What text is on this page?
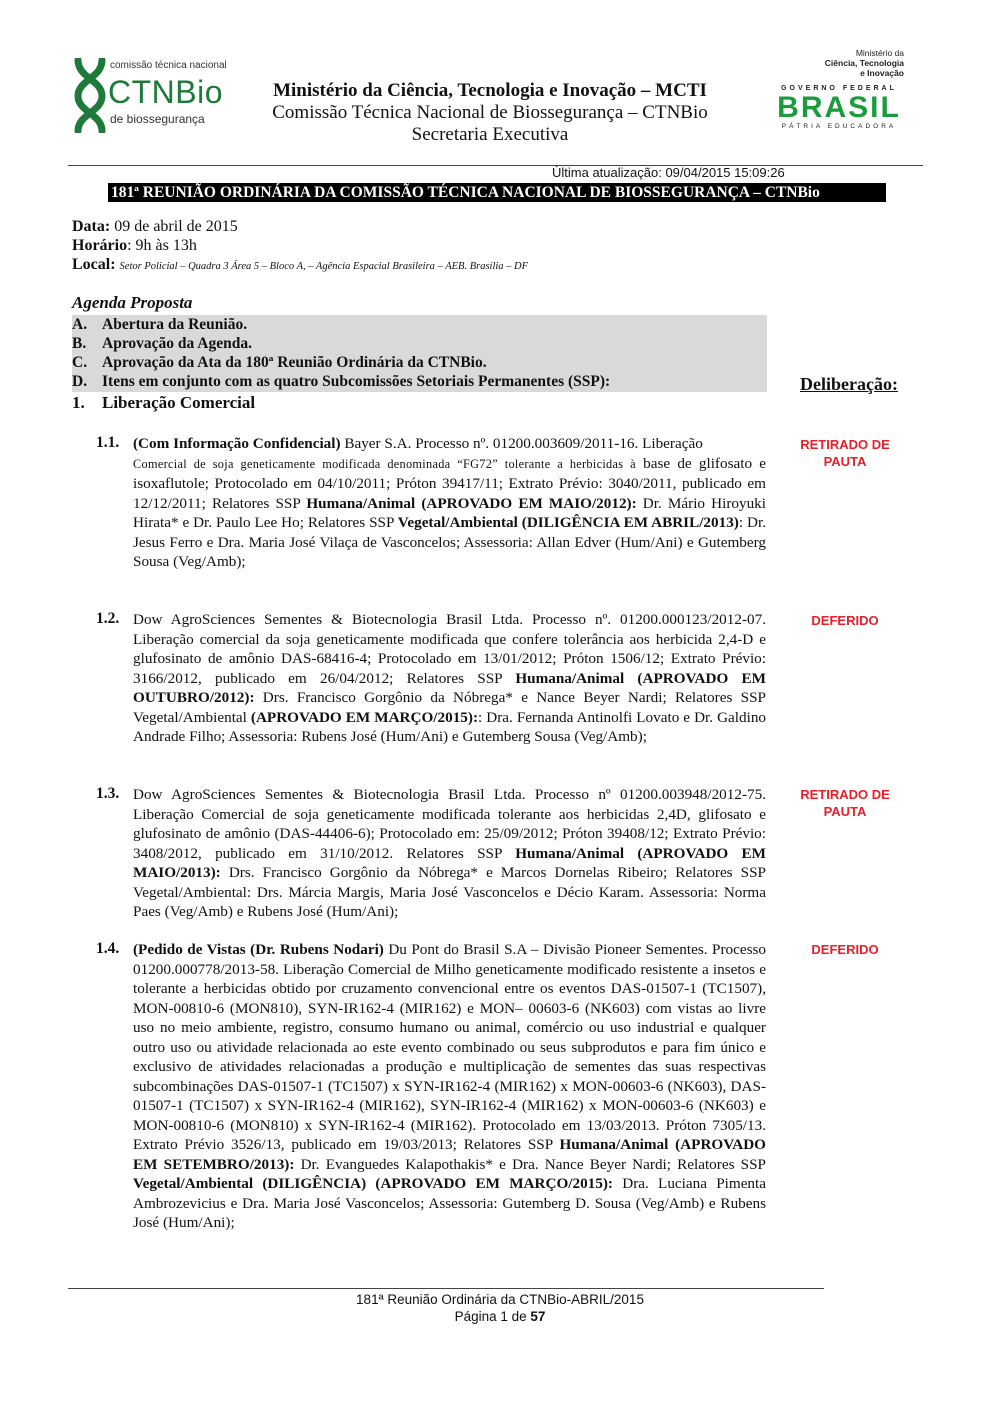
comissão técnica nacional
CTNBio
de biossegurança
Ministério da Ciência, Tecnologia e Inovação – MCTI
Comissão Técnica Nacional de Biossegurança – CTNBio
Secretaria Executiva
Ministério da
Ciência, Tecnologia
e Inovação
GOVERNO FEDERAL
BRASIL
PÁTRIA EDUCADORA
Última atualização: 09/04/2015 15:09:26
181ª REUNIÃO ORDINÁRIA DA COMISSÃO TÉCNICA NACIONAL DE BIOSSEGURANÇA – CTNBio
Data: 09 de abril de 2015
Horário: 9h às 13h
Local: Setor Policial – Quadra 3 Área 5 – Bloco A, – Agência Espacial Brasileira – AEB. Brasília – DF
Agenda Proposta
A. Abertura da Reunião.
B. Aprovação da Agenda.
C. Aprovação da Ata da 180ª Reunião Ordinária da CTNBio.
D. Itens em conjunto com as quatro Subcomissões Setoriais Permanentes (SSP):	Deliberação:
1. Liberação Comercial
1.1. (Com Informação Confidencial) Bayer S.A. Processo nº. 01200.003609/2011-16. Liberação
Comercial de soja geneticamente modificada denominada “FG72” tolerante a herbicidas à base de glifosato e isoxaflutole; Protocolado em 04/10/2011; Próton 39417/11; Extrato Prévio: 3040/2011, publicado em 12/12/2011; Relatores SSP Humana/Animal (APROVADO EM MAIO/2012): Dr. Mário Hiroyuki Hirata* e Dr. Paulo Lee Ho; Relatores SSP Vegetal/Ambiental (DILIGÊNCIA EM ABRIL/2013): Dr. Jesus Ferro e Dra. Maria José Vilaça de Vasconcelos; Assessoria: Allan Edver (Hum/Ani) e Gutemberg Sousa (Veg/Amb);
RETIRADO DE PAUTA
1.2. Dow AgroSciences Sementes & Biotecnologia Brasil Ltda. Processo nº. 01200.000123/2012-07. Liberação comercial da soja geneticamente modificada que confere tolerância aos herbicida 2,4-D e glufosinato de amônio DAS-68416-4; Protocolado em 13/01/2012; Próton 1506/12; Extrato Prévio: 3166/2012, publicado em 26/04/2012; Relatores SSP Humana/Animal (APROVADO EM OUTUBRO/2012): Drs. Francisco Gorgônio da Nóbrega* e Nance Beyer Nardi; Relatores SSP Vegetal/Ambiental (APROVADO EM MARÇO/2015):: Dra. Fernanda Antinolfi Lovato e Dr. Galdino Andrade Filho; Assessoria: Rubens José (Hum/Ani) e Gutemberg Sousa (Veg/Amb);
DEFERIDO
1.3. Dow AgroSciences Sementes & Biotecnologia Brasil Ltda. Processo nº 01200.003948/2012-75. Liberação Comercial de soja geneticamente modificada tolerante aos herbicidas 2,4D, glifosato e glufosinato de amônio (DAS-44406-6); Protocolado em: 25/09/2012; Próton 39408/12; Extrato Prévio: 3408/2012, publicado em 31/10/2012. Relatores SSP Humana/Animal (APROVADO EM MAIO/2013): Drs. Francisco Gorgônio da Nóbrega* e Marcos Dornelas Ribeiro; Relatores SSP Vegetal/Ambiental: Drs. Márcia Margis, Maria José Vasconcelos e Décio Karam. Assessoria: Norma Paes (Veg/Amb) e Rubens José (Hum/Ani);
RETIRADO DE PAUTA
1.4. (Pedido de Vistas (Dr. Rubens Nodari) Du Pont do Brasil S.A – Divisão Pioneer Sementes. Processo 01200.000778/2013-58. Liberação Comercial de Milho geneticamente modificado resistente a insetos e tolerante a herbicidas obtido por cruzamento convencional entre os eventos DAS-01507-1 (TC1507), MON-00810-6 (MON810), SYN-IR162-4 (MIR162) e MON– 00603-6 (NK603) com vistas ao livre uso no meio ambiente, registro, consumo humano ou animal, comércio ou uso industrial e qualquer outro uso ou atividade relacionada ao este evento combinado ou seus subprodutos e para fim único e exclusivo de atividades relacionadas a produção e multiplicação de sementes das suas respectivas subcombinações DAS-01507-1 (TC1507) x SYN-IR162-4 (MIR162) x MON-00603-6 (NK603), DAS-01507-1 (TC1507) x SYN-IR162-4 (MIR162), SYN-IR162-4 (MIR162) x MON-00603-6 (NK603) e MON-00810-6 (MON810) x SYN-IR162-4 (MIR162). Protocolado em 13/03/2013. Próton 7305/13. Extrato Prévio 3526/13, publicado em 19/03/2013; Relatores SSP Humana/Animal (APROVADO EM SETEMBRO/2013): Dr. Evanguedes Kalapothakis* e Dra. Nance Beyer Nardi; Relatores SSP Vegetal/Ambiental (DILIGÊNCIA) (APROVADO EM MARÇO/2015): Dra. Luciana Pimenta Ambrozevicius e Dra. Maria José Vasconcelos; Assessoria: Gutemberg D. Sousa (Veg/Amb) e Rubens José (Hum/Ani);
DEFERIDO
181ª Reunião Ordinária da CTNBio-ABRIL/2015
Página 1 de 57
